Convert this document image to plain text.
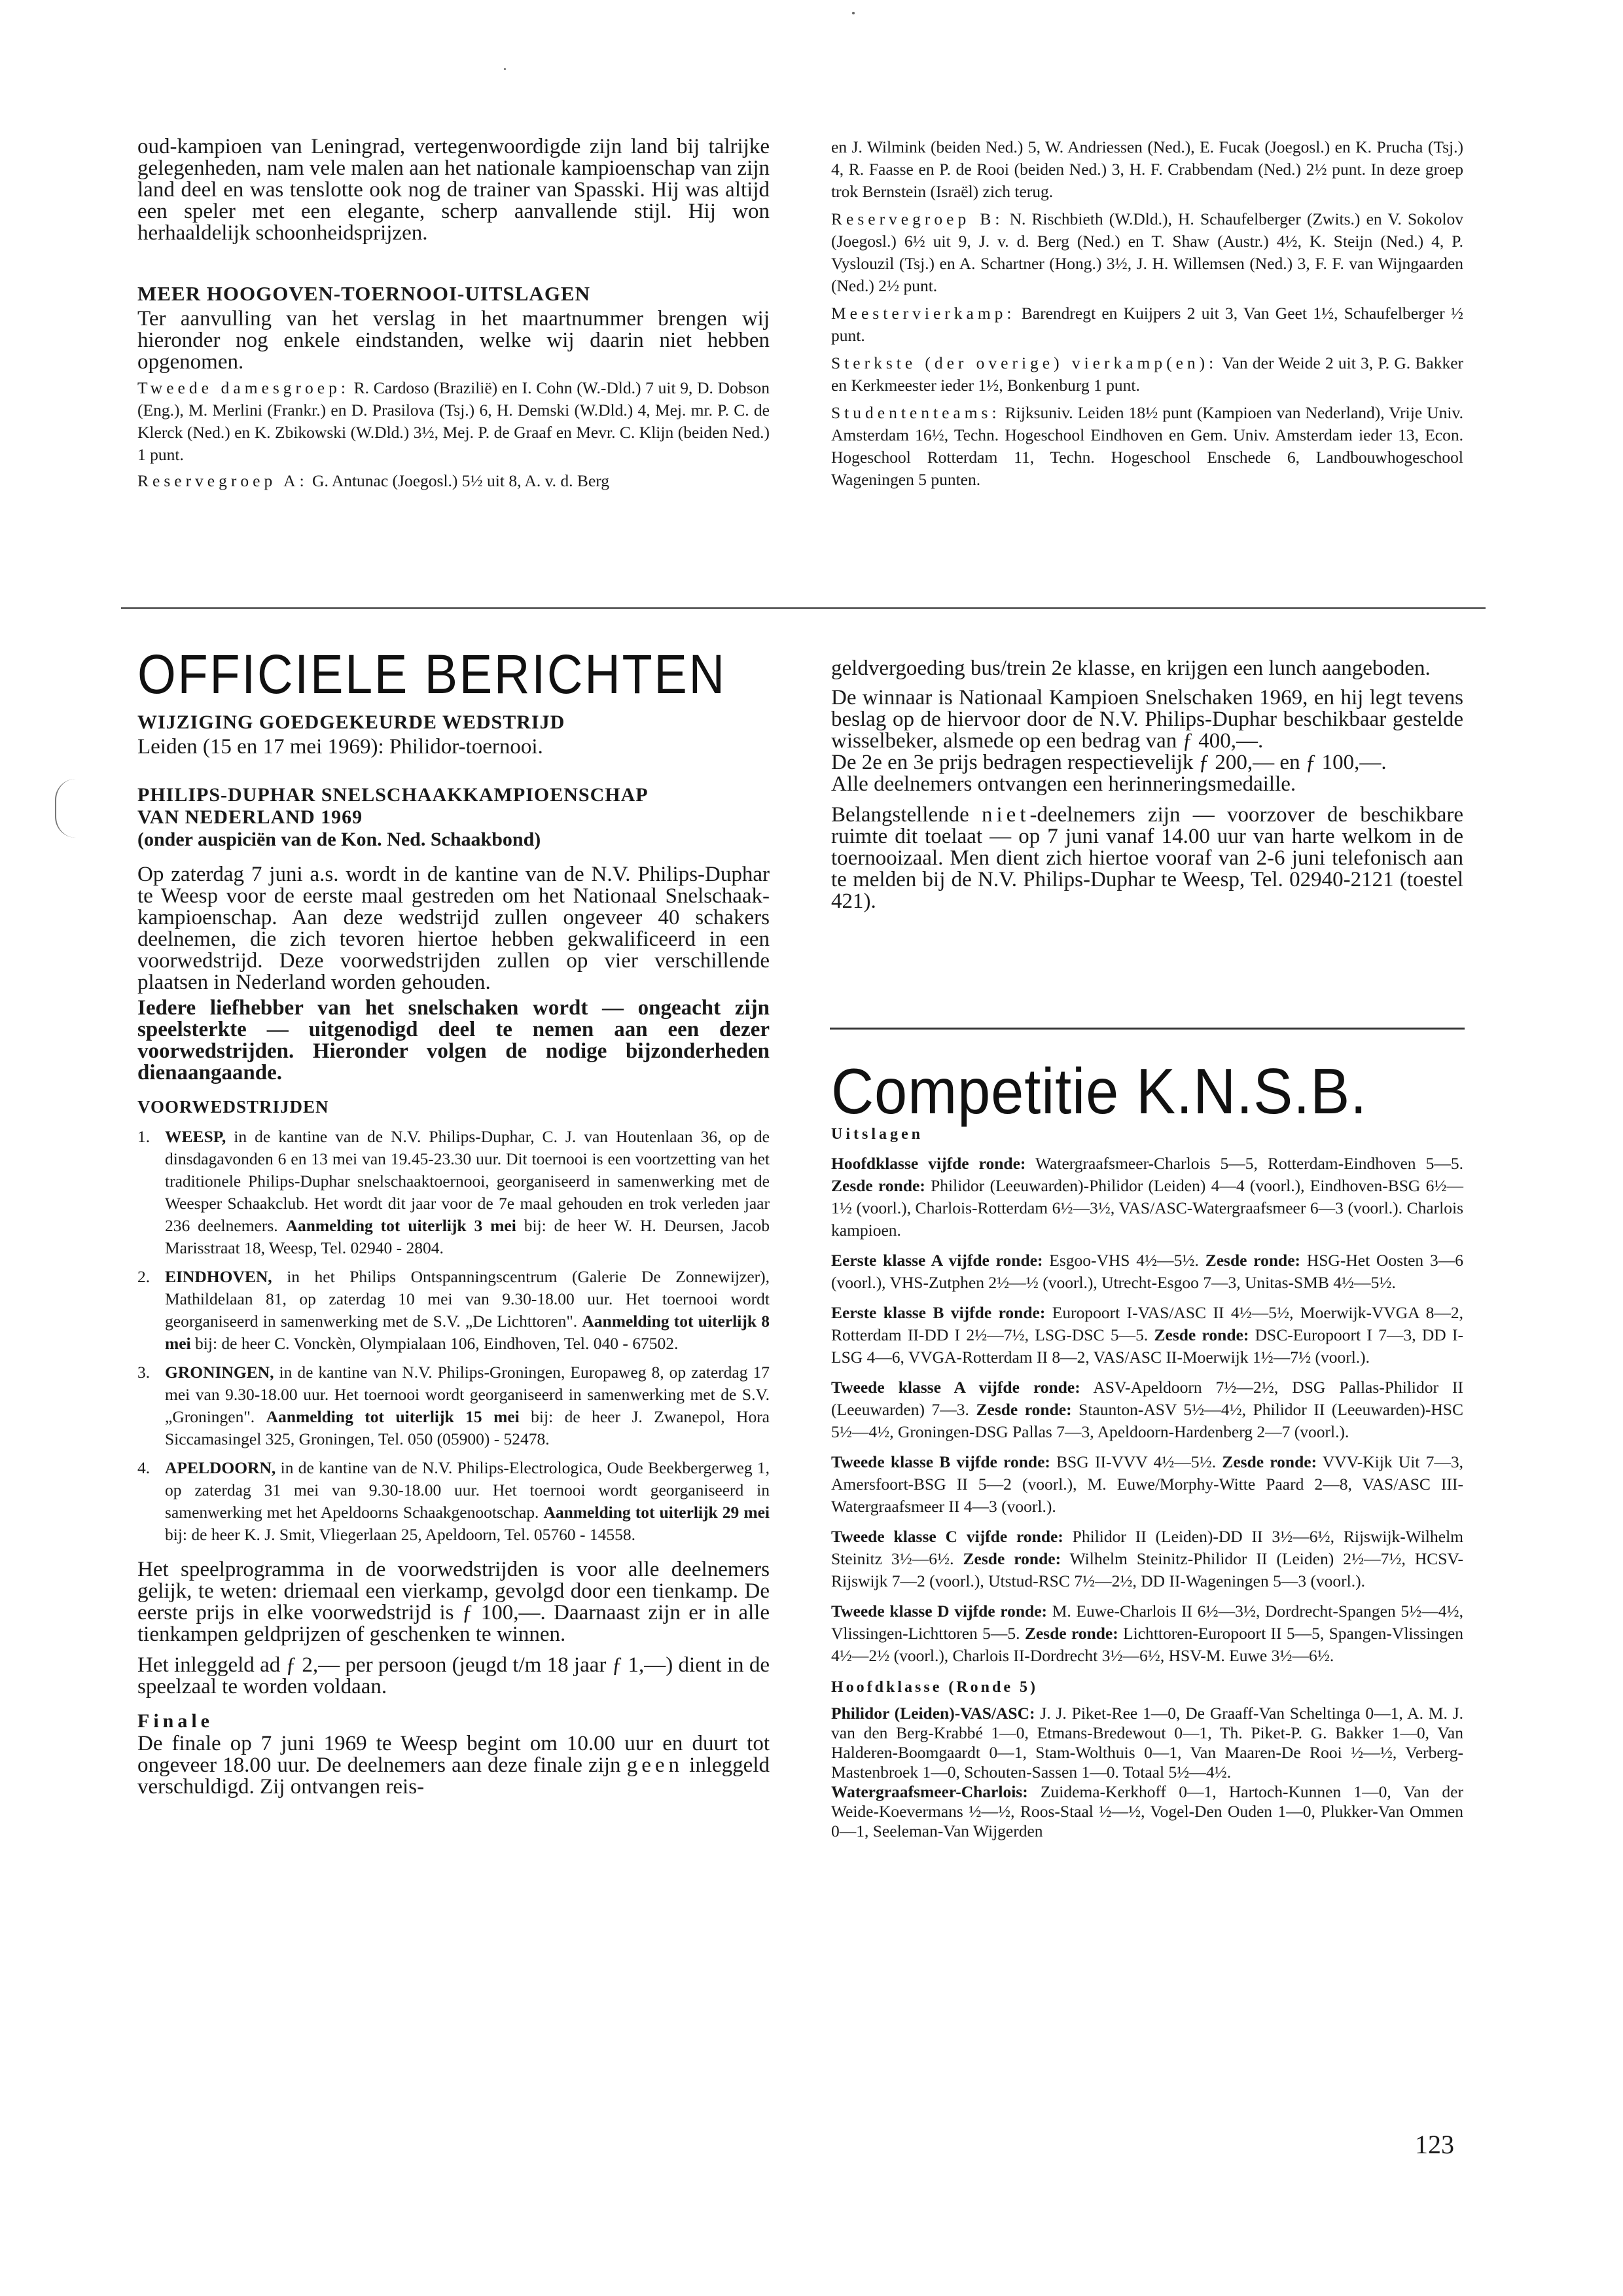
oud-kampioen van Leningrad, vertegenwoordigde zijn land bij talrijke gelegenheden, nam vele malen aan het nationale kampioenschap van zijn land deel en was tenslotte ook nog de trainer van Spasski. Hij was altijd een speler met een elegante, scherp aanvallende stijl. Hij won herhaaldelijk schoonheidsprijzen.

MEER HOOGOVEN-TOERNOOI-UITSLAGEN

Ter aanvulling van het verslag in het maartnummer brengen wij hieronder nog enkele eindstanden, welke wij daarin niet hebben opgenomen.

Tweede damesgroep: R. Cardoso (Brazilië) en I. Cohn (W.-Dld.) 7 uit 9, D. Dobson (Eng.), M. Merlini (Frankr.) en D. Prasilova (Tsj.) 6, H. Demski (W.Dld.) 4, Mej. mr. P. C. de Klerck (Ned.) en K. Zbikowski (W.Dld.) 3½, Mej. P. de Graaf en Mevr. C. Klijn (beiden Ned.) 1 punt.

Reservegroep A: G. Antunac (Joegosl.) 5½ uit 8, A. v. d. Berg

en J. Wilmink (beiden Ned.) 5, W. Andriessen (Ned.), E. Fucak (Joegosl.) en K. Prucha (Tsj.) 4, R. Faasse en P. de Rooi (beiden Ned.) 3, H. F. Crabbendam (Ned.) 2½ punt. In deze groep trok Bernstein (Israël) zich terug.

Reservegroep B: N. Rischbieth (W.Dld.), H. Schaufelberger (Zwits.) en V. Sokolov (Joegosl.) 6½ uit 9, J. v. d. Berg (Ned.) en T. Shaw (Austr.) 4½, K. Steijn (Ned.) 4, P. Vyslouzil (Tsj.) en A. Schartner (Hong.) 3½, J. H. Willemsen (Ned.) 3, F. F. van Wijngaarden (Ned.) 2½ punt.

Meestervierkamp: Barendregt en Kuijpers 2 uit 3, Van Geet 1½, Schaufelberger ½ punt.

Sterkste (der overige) vierkamp(en): Van der Weide 2 uit 3, P. G. Bakker en Kerkmeester ieder 1½, Bonkenburg 1 punt.

Studententeams: Rijksuniv. Leiden 18½ punt (Kampioen van Nederland), Vrije Univ. Amsterdam 16½, Techn. Hogeschool Eindhoven en Gem. Univ. Amsterdam ieder 13, Econ. Hogeschool Rotterdam 11, Techn. Hogeschool Enschede 6, Landbouwhogeschool Wageningen 5 punten.

OFFICIELE BERICHTEN
WIJZIGING GOEDGEKEURDE WEDSTRIJD

Leiden (15 en 17 mei 1969): Philidor-toernooi.

PHILIPS-DUPHAR SNELSCHAAKKAMPIOENSCHAP VAN NEDERLAND 1969

(onder auspiciën van de Kon. Ned. Schaakbond)

Op zaterdag 7 juni a.s. wordt in de kantine van de N.V. Philips-Duphar te Weesp voor de eerste maal gestreden om het Nationaal Snelschaak-kampioenschap. Aan deze wedstrijd zullen ongeveer 40 schakers deelnemen, die zich tevoren hiertoe hebben gekwalificeerd in een voorwedstrijd. Deze voorwedstrijden zullen op vier verschillende plaatsen in Nederland worden gehouden.

Iedere liefhebber van het snelschaken wordt — ongeacht zijn speelsterkte — uitgenodigd deel te nemen aan een dezer voorwedstrijden. Hieronder volgen de nodige bijzonderheden dienaangaande.

VOORWEDSTRIJDEN
1. WEESP, in de kantine van de N.V. Philips-Duphar, C. J. van Houtenlaan 36, op de dinsdagavonden 6 en 13 mei van 19.45-23.30 uur. Dit toernooi is een voortzetting van het traditionele Philips-Duphar snelschaaktoernooi, georganiseerd in samenwerking met de Weesper Schaakclub. Het wordt dit jaar voor de 7e maal gehouden en trok verleden jaar 236 deelnemers. Aanmelding tot uiterlijk 3 mei bij: de heer W. H. Deursen, Jacob Marisstraat 18, Weesp, Tel. 02940 - 2804.
2. EINDHOVEN, in het Philips Ontspanningscentrum (Galerie De Zonnewijzer), Mathildelaan 81, op zaterdag 10 mei van 9.30-18.00 uur. Het toernooi wordt georganiseerd in samenwerking met de S.V. „De Lichttoren". Aanmelding tot uiterlijk 8 mei bij: de heer C. Vonckèn, Olympialaan 106, Eindhoven, Tel. 040 - 67502.
3. GRONINGEN, in de kantine van N.V. Philips-Groningen, Europaweg 8, op zaterdag 17 mei van 9.30-18.00 uur. Het toernooi wordt georganiseerd in samenwerking met de S.V. „Groningen". Aanmelding tot uiterlijk 15 mei bij: de heer J. Zwanepol, Hora Siccamasingel 325, Groningen, Tel. 050 (05900) - 52478.
4. APELDOORN, in de kantine van de N.V. Philips-Electrologica, Oude Beekbergerweg 1, op zaterdag 31 mei van 9.30-18.00 uur. Het toernooi wordt georganiseerd in samenwerking met het Apeldoorns Schaakgenootschap. Aanmelding tot uiterlijk 29 mei bij: de heer K. J. Smit, Vliegerlaan 25, Apeldoorn, Tel. 05760 - 14558.

Het speelprogramma in de voorwedstrijden is voor alle deelnemers gelijk, te weten: driemaal een vierkamp, gevolgd door een tienkamp. De eerste prijs in elke voorwedstrijd is ƒ 100,—. Daarnaast zijn er in alle tienkampen geldprijzen of geschenken te winnen.

Het inleggeld ad ƒ 2,— per persoon (jeugd t/m 18 jaar ƒ 1,—) dient in de speelzaal te worden voldaan.

Finale

De finale op 7 juni 1969 te Weesp begint om 10.00 uur en duurt tot ongeveer 18.00 uur. De deelnemers aan deze finale zijn geen inleggeld verschuldigd. Zij ontvangen reis-

geldvergoeding bus/trein 2e klasse, en krijgen een lunch aangeboden.

De winnaar is Nationaal Kampioen Snelschaken 1969, en hij legt tevens beslag op de hiervoor door de N.V. Philips-Duphar beschikbaar gestelde wisselbeker, alsmede op een bedrag van ƒ 400,—.

De 2e en 3e prijs bedragen respectievelijk ƒ 200,— en ƒ 100,—.

Alle deelnemers ontvangen een herinneringsmedaille.

Belangstellende niet-deelnemers zijn — voorzover de beschikbare ruimte dit toelaat — op 7 juni vanaf 14.00 uur van harte welkom in de toernooizaal. Men dient zich hiertoe vooraf van 2-6 juni telefonisch aan te melden bij de N.V. Philips-Duphar te Weesp, Tel. 02940-2121 (toestel 421).

Competitie K.N.S.B.

Uitslagen

Hoofdklasse vijfde ronde: Watergraafsmeer-Charlois 5—5, Rotterdam-Eindhoven 5—5. Zesde ronde: Philidor (Leeuwarden)-Philidor (Leiden) 4—4 (voorl.), Eindhoven-BSG 6½—1½ (voorl.), Charlois-Rotterdam 6½—3½, VAS/ASC-Watergraafsmeer 6—3 (voorl.). Charlois kampioen.

Eerste klasse A vijfde ronde: Esgoo-VHS 4½—5½. Zesde ronde: HSG-Het Oosten 3—6 (voorl.), VHS-Zutphen 2½—½ (voorl.), Utrecht-Esgoo 7—3, Unitas-SMB 4½—5½.

Eerste klasse B vijfde ronde: Europoort I-VAS/ASC II 4½—5½, Moerwijk-VVGA 8—2, Rotterdam II-DD I 2½—7½, LSG-DSC 5—5. Zesde ronde: DSC-Europoort I 7—3, DD I-LSG 4—6, VVGA-Rotterdam II 8—2, VAS/ASC II-Moerwijk 1½—7½ (voorl.).

Tweede klasse A vijfde ronde: ASV-Apeldoorn 7½—2½, DSG Pallas-Philidor II (Leeuwarden) 7—3. Zesde ronde: Staunton-ASV 5½—4½, Philidor II (Leeuwarden)-HSC 5½—4½, Groningen-DSG Pallas 7—3, Apeldoorn-Hardenberg 2—7 (voorl.).

Tweede klasse B vijfde ronde: BSG II-VVV 4½—5½. Zesde ronde: VVV-Kijk Uit 7—3, Amersfoort-BSG II 5—2 (voorl.), M. Euwe/Morphy-Witte Paard 2—8, VAS/ASC III-Watergraafsmeer II 4—3 (voorl.).

Tweede klasse C vijfde ronde: Philidor II (Leiden)-DD II 3½—6½, Rijswijk-Wilhelm Steinitz 3½—6½. Zesde ronde: Wilhelm Steinitz-Philidor II (Leiden) 2½—7½, HCSV-Rijswijk 7—2 (voorl.), Utstud-RSC 7½—2½, DD II-Wageningen 5—3 (voorl.).

Tweede klasse D vijfde ronde: M. Euwe-Charlois II 6½—3½, Dordrecht-Spangen 5½—4½, Vlissingen-Lichttoren 5—5. Zesde ronde: Lichttoren-Europoort II 5—5, Spangen-Vlissingen 4½—2½ (voorl.), Charlois II-Dordrecht 3½—6½, HSV-M. Euwe 3½—6½.

Hoofdklasse (Ronde 5)

Philidor (Leiden)-VAS/ASC: J. J. Piket-Ree 1—0, De Graaff-Van Scheltinga 0—1, A. M. J. van den Berg-Krabbé 1—0, Etmans-Bredewout 0—1, Th. Piket-P. G. Bakker 1—0, Van Halderen-Boomgaardt 0—1, Stam-Wolthuis 0—1, Van Maaren-De Rooi ½—½, Verberg-Mastenbroek 1—0, Schouten-Sassen 1—0. Totaal 5½—4½.

Watergraafsmeer-Charlois: Zuidema-Kerkhoff 0—1, Hartoch-Kunnen 1—0, Van der Weide-Koevermans ½—½, Roos-Staal ½—½, Vogel-Den Ouden 1—0, Plukker-Van Ommen 0—1, Seeleman-Van Wijgerden

123
